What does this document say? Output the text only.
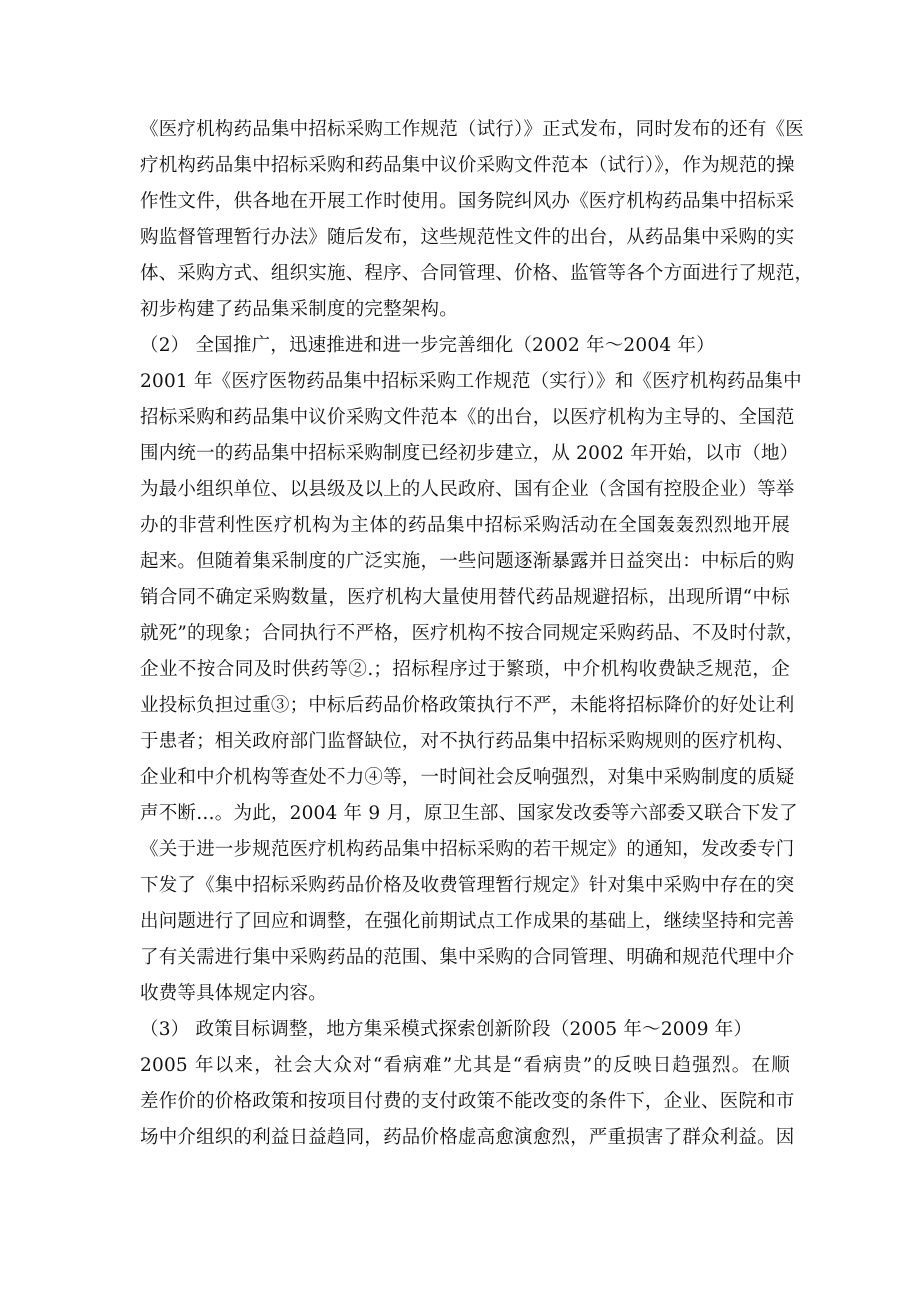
《医疗机构药品集中招标采购工作规范（试行）》正式发布，同时发布的还有《医
疗机构药品集中招标采购和药品集中议价采购文件范本（试行）》，作为规范的操
作性文件，供各地在开展工作时使用。国务院纠风办《医疗机构药品集中招标采
购监督管理暂行办法》随后发布，这些规范性文件的出台，从药品集中采购的实
体、采购方式、组织实施、程序、合同管理、价格、监管等各个方面进行了规范，
初步构建了药品集采制度的完整架构。
（2） 全国推广，迅速推进和进一步完善细化（2002 年～2004 年）
2001 年《医疗医物药品集中招标采购工作规范（实行）》和《医疗机构药品集中
招标采购和药品集中议价采购文件范本《的出台，以医疗机构为主导的、全国范
围内统一的药品集中招标采购制度已经初步建立，从 2002 年开始，以市（地）
为最小组织单位、以县级及以上的人民政府、国有企业（含国有控股企业）等举
办的非营利性医疗机构为主体的药品集中招标采购活动在全国轰轰烈烈地开展
起来。但随着集采制度的广泛实施，一些问题逐渐暴露并日益突出：中标后的购
销合同不确定采购数量，医疗机构大量使用替代药品规避招标，出现所谓“中标
就死”的现象；合同执行不严格，医疗机构不按合同规定采购药品、不及时付款，
企业不按合同及时供药等②.；招标程序过于繁琐，中介机构收费缺乏规范，企
业投标负担过重③；中标后药品价格政策执行不严，未能将招标降价的好处让利
于患者；相关政府部门监督缺位，对不执行药品集中招标采购规则的医疗机构、
企业和中介机构等查处不力④等，一时间社会反响强烈，对集中采购制度的质疑
声不断…。为此，2004 年 9 月，原卫生部、国家发改委等六部委又联合下发了
《关于进一步规范医疗机构药品集中招标采购的若干规定》的通知，发改委专门
下发了《集中招标采购药品价格及收费管理暂行规定》针对集中采购中存在的突
出问题进行了回应和调整，在强化前期试点工作成果的基础上，继续坚持和完善
了有关需进行集中采购药品的范围、集中采购的合同管理、明确和规范代理中介
收费等具体规定内容。
（3） 政策目标调整，地方集采模式探索创新阶段（2005 年～2009 年）
2005 年以来，社会大众对“看病难”尤其是“看病贵”的反映日趋强烈。在顺
差作价的价格政策和按项目付费的支付政策不能改变的条件下，企业、医院和市
场中介组织的利益日益趋同，药品价格虚高愈演愈烈，严重损害了群众利益。因
